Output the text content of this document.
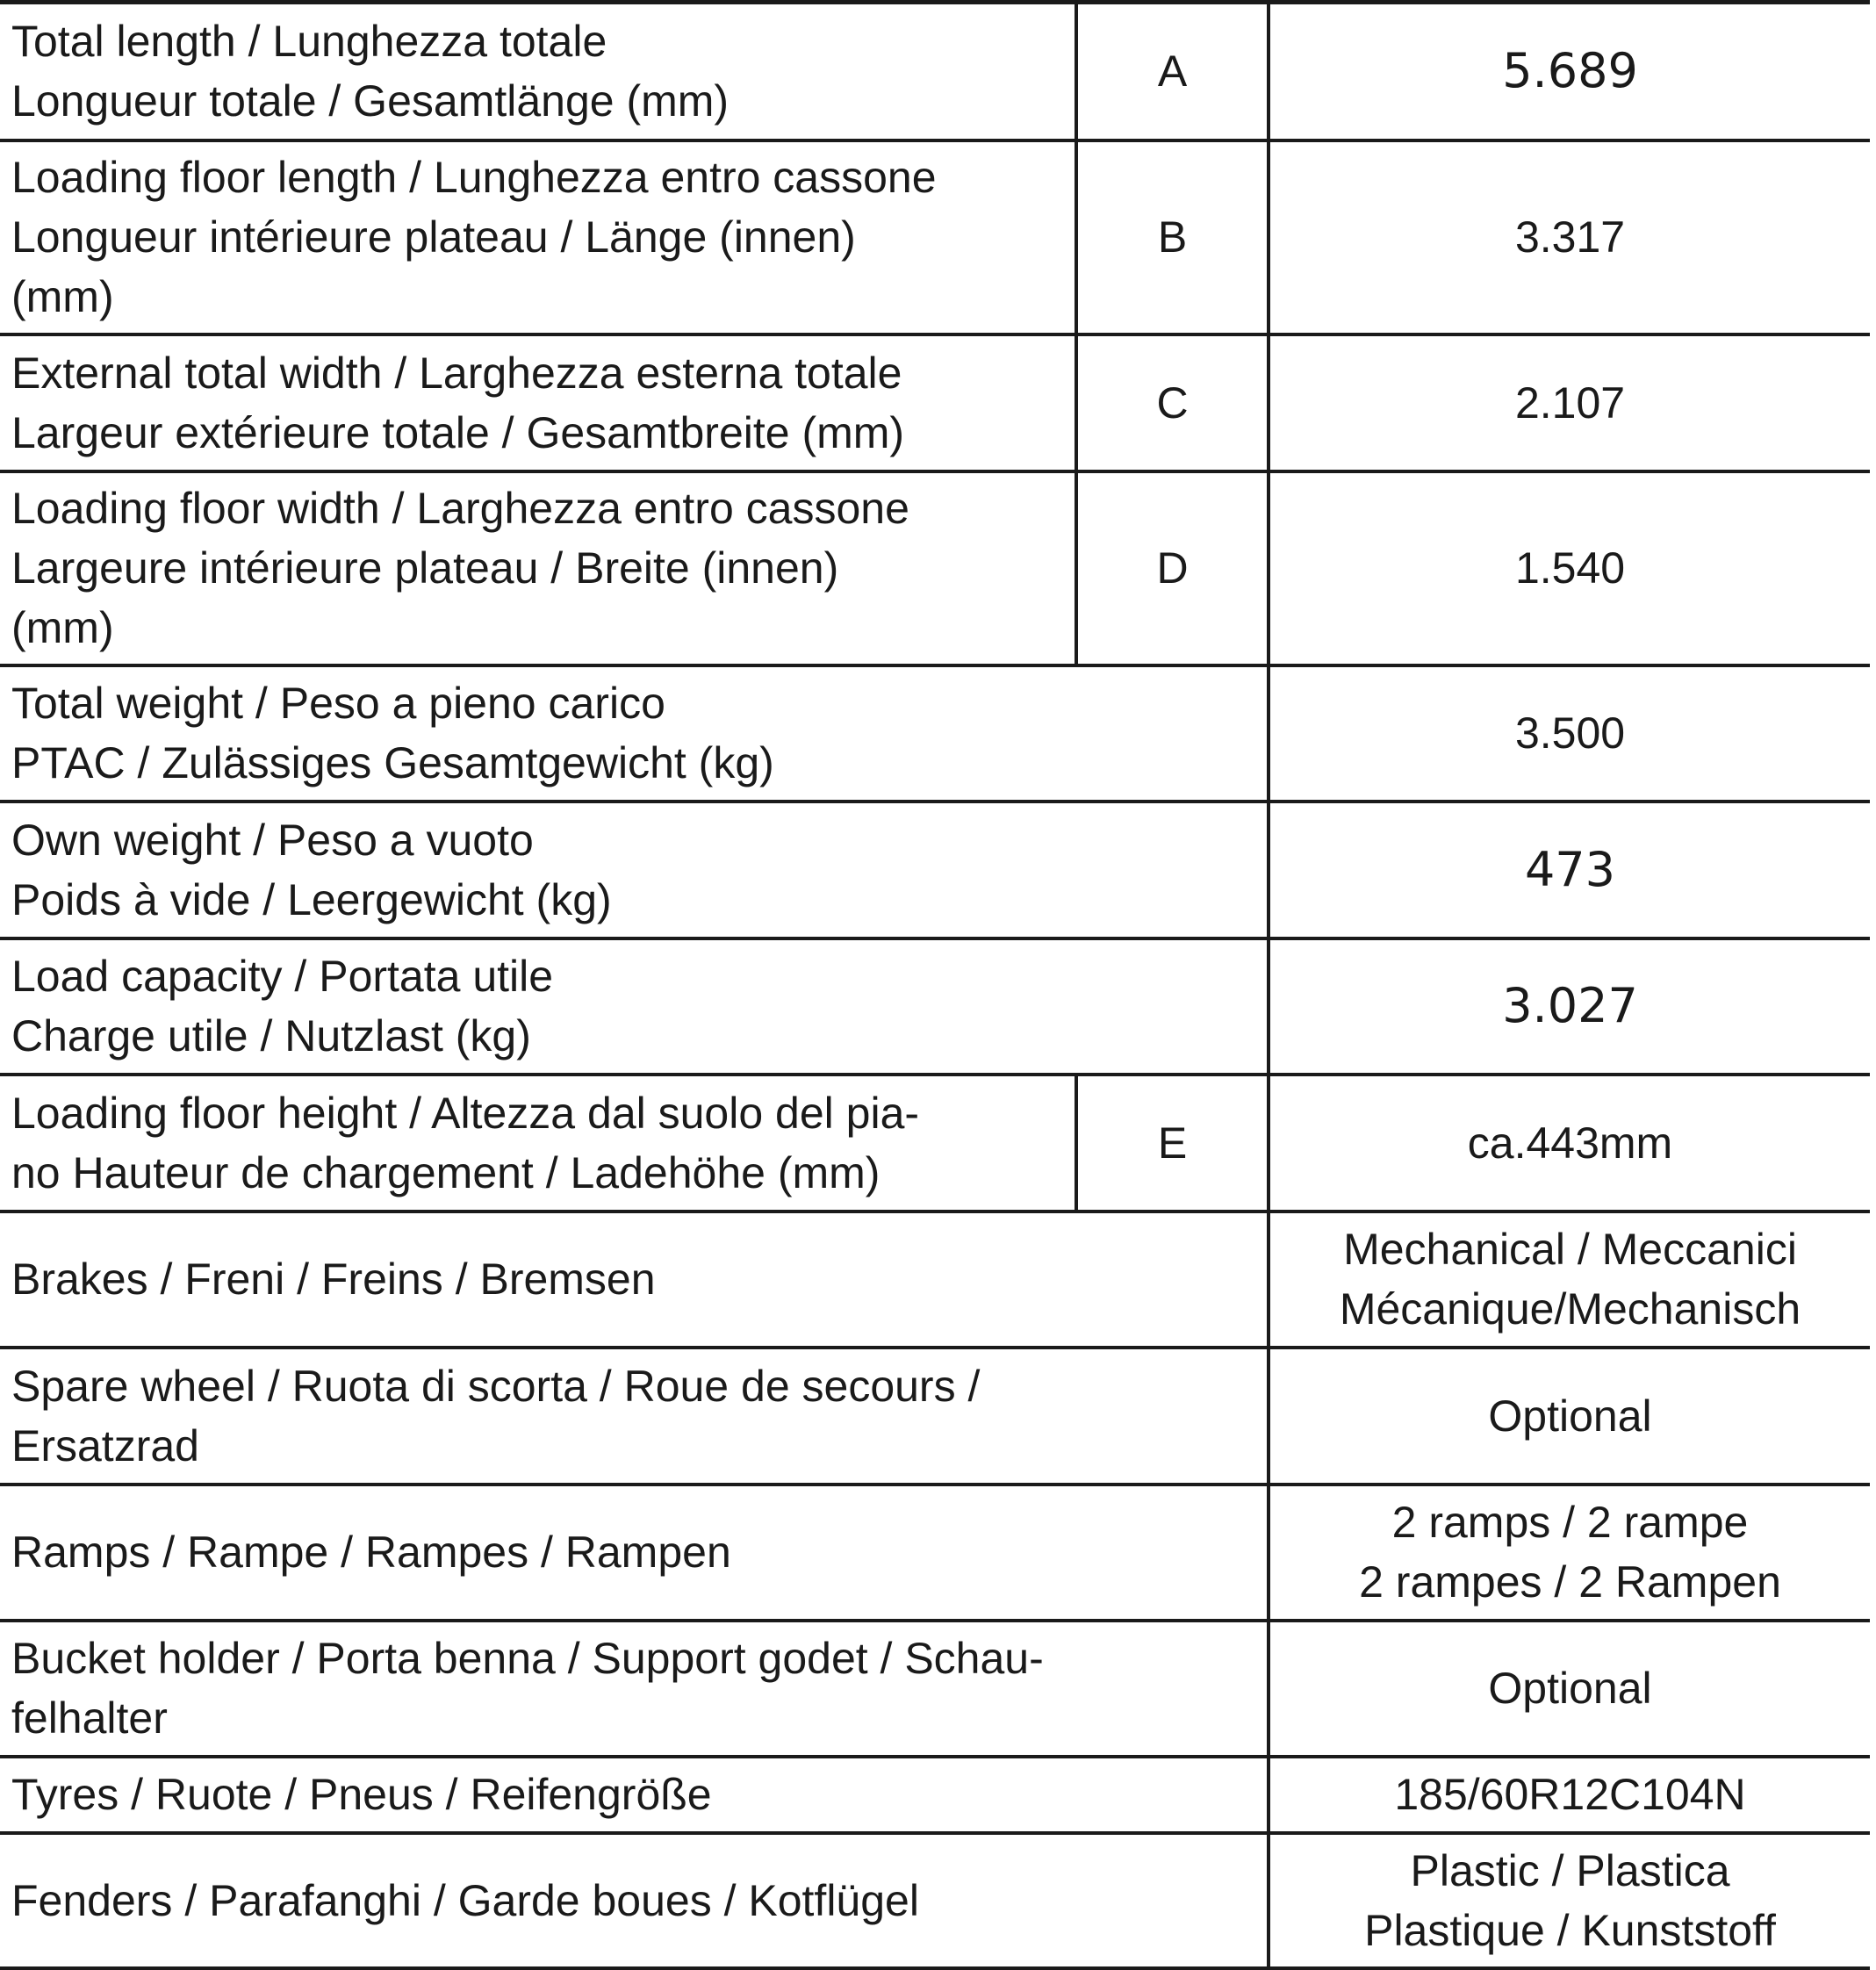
Total length / Lunghezza totale
Longueur totale / Gesamtlänge (mm)	A	5.689

Loading floor length / Lunghezza entro cassone
Longueur intérieure plateau / Länge (innen)
(mm)	B	3.317

External total width / Larghezza esterna totale
Largeur extérieure totale / Gesamtbreite (mm)	C	2.107

Loading floor width / Larghezza entro cassone
Largeure intérieure plateau / Breite (innen)
(mm)	D	1.540

Total weight / Peso a pieno carico
PTAC / Zulässiges Gesamtgewicht (kg)		3.500

Own weight / Peso a vuoto
Poids à vide / Leergewicht (kg)		473

Load capacity / Portata utile
Charge utile / Nutzlast (kg)		3.027

Loading floor height / Altezza dal suolo del pia-
no Hauteur de chargement / Ladehöhe (mm)	E	ca.443mm

Brakes / Freni / Freins / Bremsen		Mechanical / Meccanici
Mécanique/Mechanisch

Spare wheel / Ruota di scorta / Roue de secours /
Ersatzrad		Optional

Ramps / Rampe / Rampes / Rampen		2 ramps / 2 rampe
2 rampes / 2 Rampen

Bucket holder / Porta benna / Support godet / Schau-
felhalter		Optional

Tyres / Ruote / Pneus / Reifengröße		185/60R12C104N

Fenders / Parafanghi / Garde boues / Kotflügel		Plastic / Plastica
Plastique / Kunststoff
